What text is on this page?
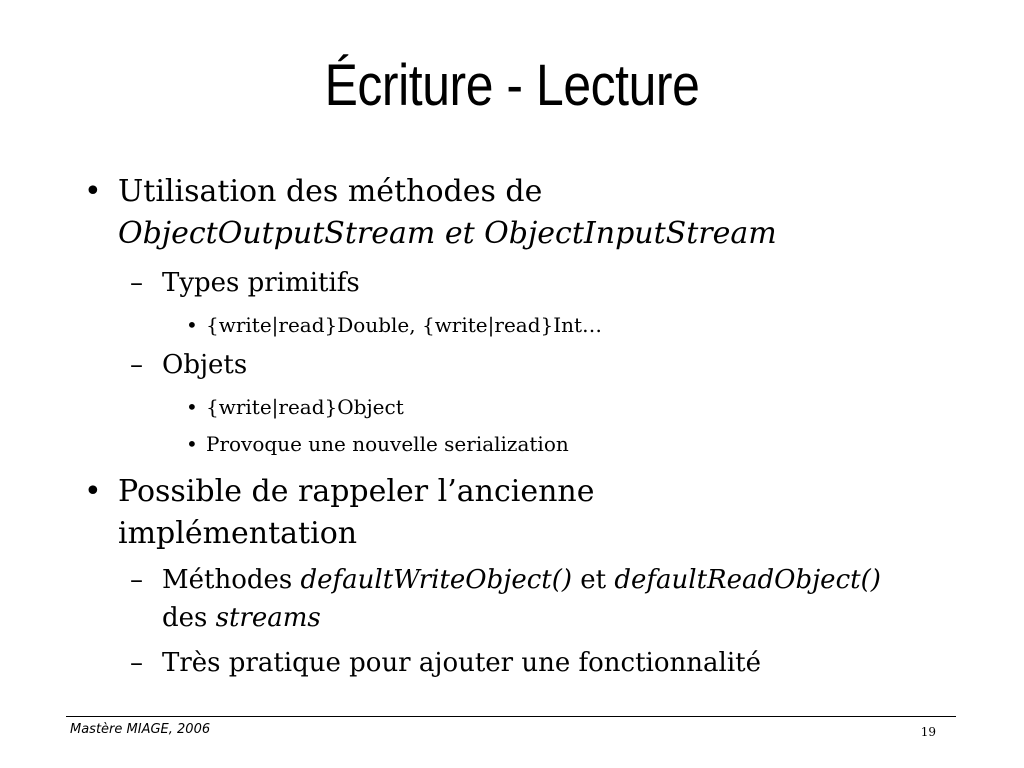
Écriture - Lecture
• Utilisation des méthodes de
ObjectOutputStream et ObjectInputStream
– Types primitifs
• {write|read}Double, {write|read}Int…
– Objets
• {write|read}Object
• Provoque une nouvelle serialization
• Possible de rappeler l’ancienne
implémentation
– Méthodes defaultWriteObject() et defaultReadObject()
des streams
– Très pratique pour ajouter une fonctionnalité
Mastère MIAGE, 2006	19
